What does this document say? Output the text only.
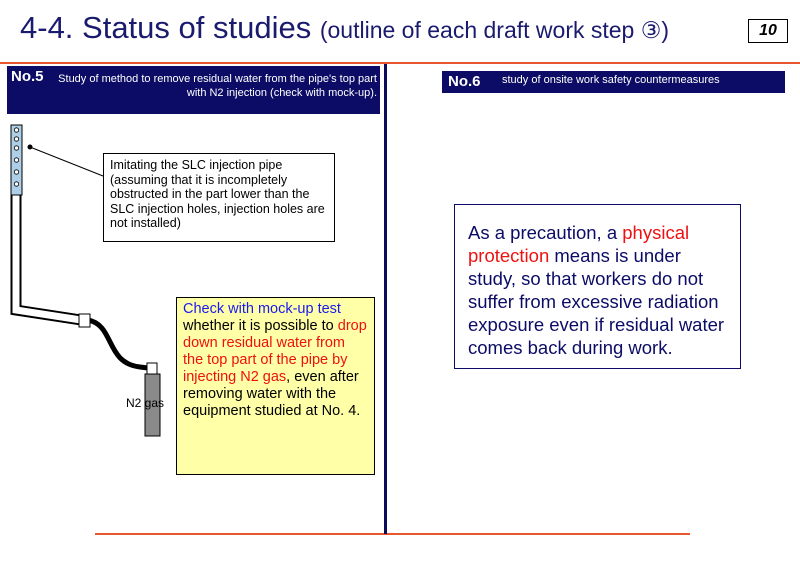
4-4. Status of studies (outline of each draft work step ③)	10
No.5	Study of method to remove residual water from the pipe's top part with N2 injection (check with mock-up).
No.6 study of onsite work safety countermeasures
N2 gas
Imitating the SLC injection pipe (assuming that it is incompletely obstructed in the part lower than the SLC injection holes, injection holes are not installed)
Check with mock-up test whether it is possible to drop down residual water from the top part of the pipe by injecting N2 gas, even after removing water with the equipment studied at No. 4.
As a precaution, a physical protection means is under study, so that workers do not suffer from excessive radiation exposure even if residual water comes back during work.
